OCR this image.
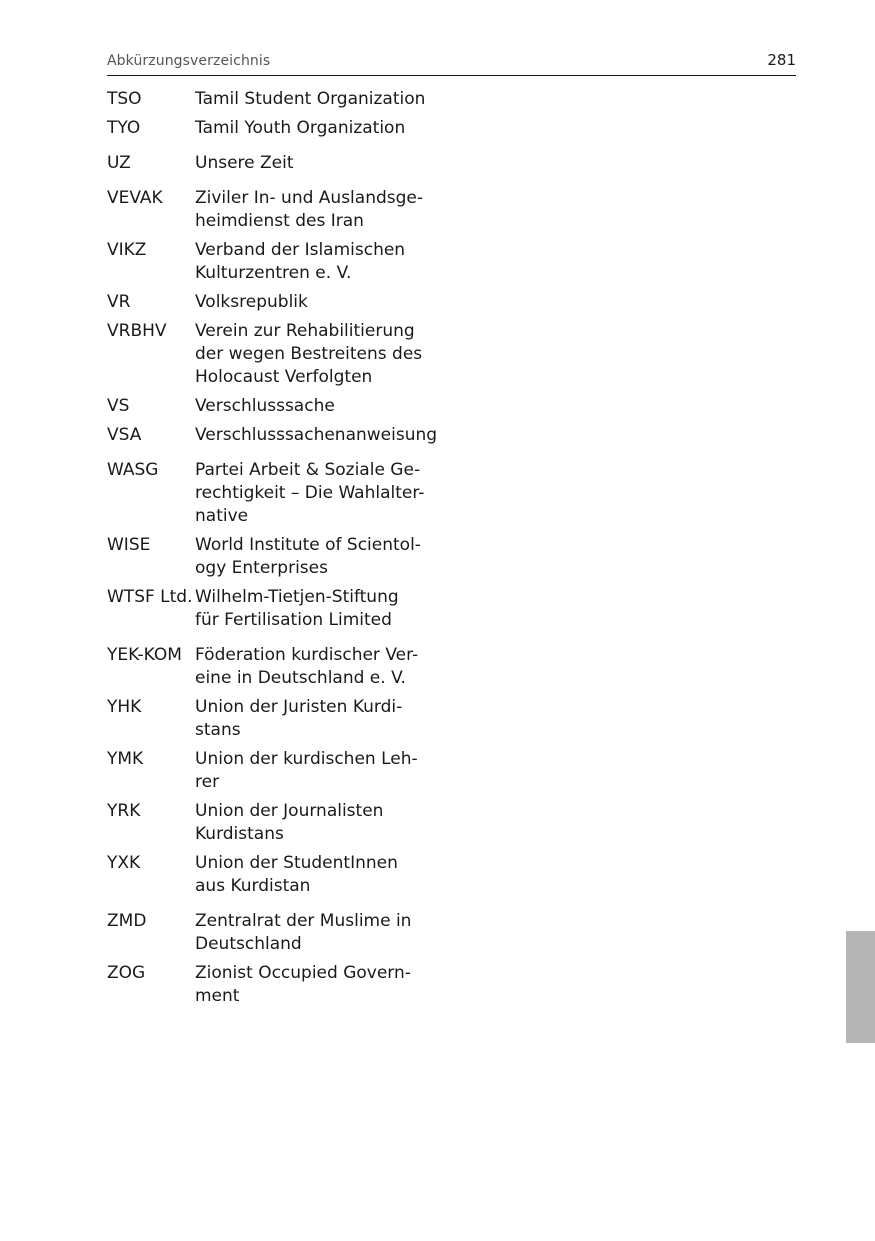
Abkürzungsverzeichnis	281
TSO	Tamil Student Organization
TYO	Tamil Youth Organization
UZ	Unsere Zeit
VEVAK	Ziviler In- und Auslandsge-
heimdienst des Iran
VIKZ	Verband der Islamischen
Kulturzentren e. V.
VR	Volksrepublik
VRBHV	Verein zur Rehabilitierung
der wegen Bestreitens des
Holocaust Verfolgten
VS	Verschlusssache
VSA	Verschlusssachenanweisung
WASG	Partei Arbeit & Soziale Ge-
rechtigkeit – Die Wahlalter-
native
WISE	World Institute of Scientol-
ogy Enterprises
WTSF Ltd. Wilhelm-Tietjen-Stiftung
für Fertilisation Limited
YEK-KOM Föderation kurdischer Ver-
eine in Deutschland e. V.
YHK	Union der Juristen Kurdi-
stans
YMK	Union der kurdischen Leh-
rer
YRK	Union der Journalisten
Kurdistans
YXK	Union der StudentInnen
aus Kurdistan
ZMD	Zentralrat der Muslime in
Deutschland
ZOG	Zionist Occupied Govern-
ment
